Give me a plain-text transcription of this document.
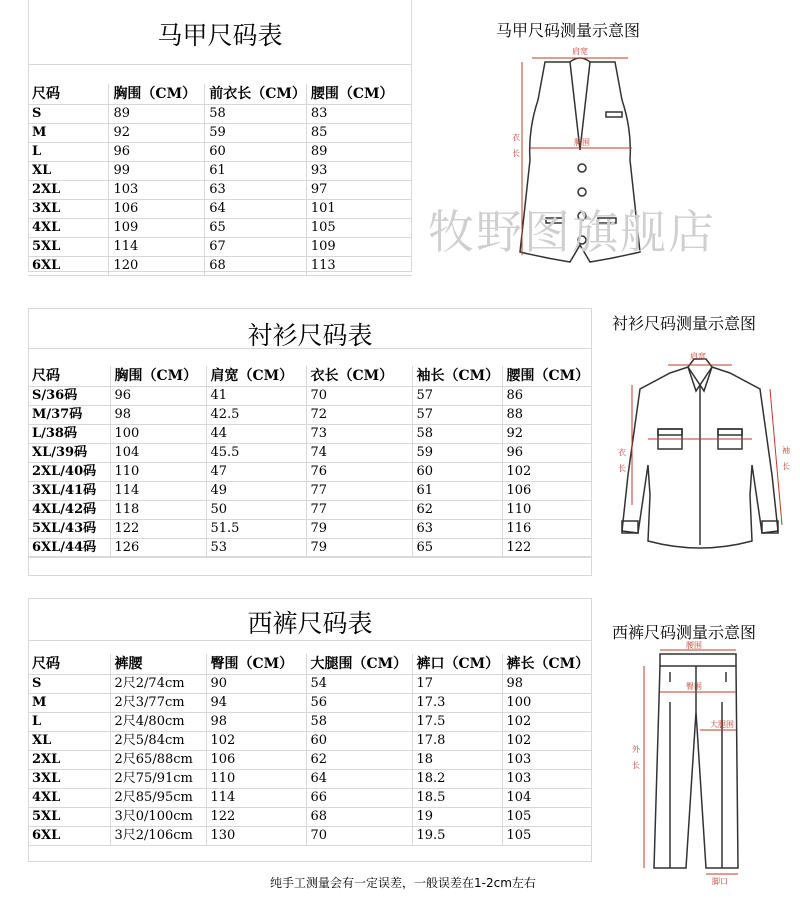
马甲尺码表
尺码	胸围（CM）	前衣长（CM）	腰围（CM）
S	89	58	83
M	92	59	85
L	96	60	89
XL	99	61	93
2XL	103	63	97
3XL	106	64	101
4XL	109	65	105
5XL	114	67	109
6XL	120	68	113
马甲尺码测量示意图
肩宽
胸围
衣
长
牧野图旗舰店
衬衫尺码表
尺码	胸围（CM）	肩宽（CM）	衣长（CM）	袖长（CM）	腰围（CM）
S/36码	96	41	70	57	86
M/37码	98	42.5	72	57	88
L/38码	100	44	73	58	92
XL/39码	104	45.5	74	59	96
2XL/40码	110	47	76	60	102
3XL/41码	114	49	77	61	106
4XL/42码	118	50	77	62	110
5XL/43码	122	51.5	79	63	116
6XL/44码	126	53	79	65	122
衬衫尺码测量示意图
肩宽
衣
长
袖
长
西裤尺码表
尺码	裤腰	臀围（CM）	大腿围（CM）	裤口（CM）	裤长（CM）
S	2尺2/74cm	90	54	17	98
M	2尺3/77cm	94	56	17.3	100
L	2尺4/80cm	98	58	17.5	102
XL	2尺5/84cm	102	60	17.8	102
2XL	2尺65/88cm	106	62	18	103
3XL	2尺75/91cm	110	64	18.2	103
4XL	2尺85/95cm	114	66	18.5	104
5XL	3尺0/100cm	122	68	19	105
6XL	3尺2/106cm	130	70	19.5	105
西裤尺码测量示意图
腰围
臀围
大腿围
外
长
脚口
纯手工测量会有一定误差，一般误差在1-2cm左右
